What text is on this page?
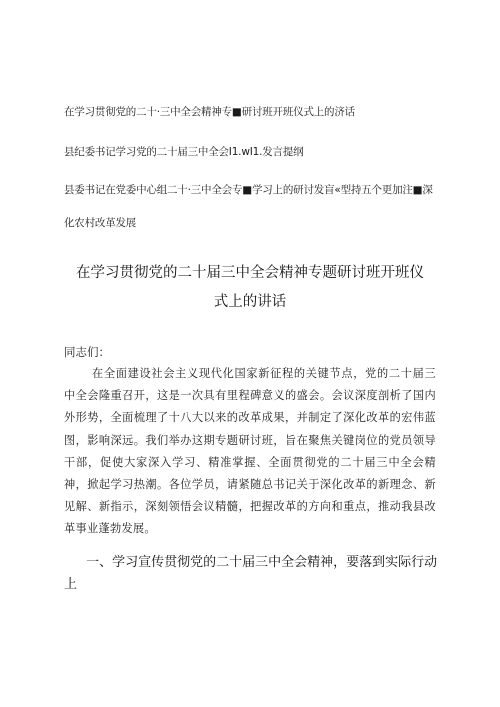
在学习贯彻党的二十·三中全会精神专■研讨班开班仪式上的济话
县纪委书记学习党的二十届三中全会I1.wI1.发言提纲
县委书记在党委中心组二十·三中全会专■学习上的研讨发盲«型持五个更加注■深
化农村改革发展
在学习贯彻党的二十届三中全会精神专题研讨班开班仪
式上的讲话
同志们：
在全面建设社会主义现代化国家新征程的关键节点，党的二十届三中全会隆重召开，这是一次具有里程碑意义的盛会。会议深度剖析了国内外形势，全面梳理了十八大以来的改革成果，并制定了深化改革的宏伟蓝图，影响深远。我们举办这期专题研讨班，旨在聚焦关键岗位的党员领导干部，促使大家深入学习、精准掌握、全面贯彻党的二十届三中全会精神，掀起学习热潮。各位学员，请紧随总书记关于深化改革的新理念、新见解、新指示，深刻领悟会议精髓，把握改革的方向和重点，推动我县改革事业蓬勃发展。
一、学习宣传贯彻党的二十届三中全会精神，要落到实际行动上
